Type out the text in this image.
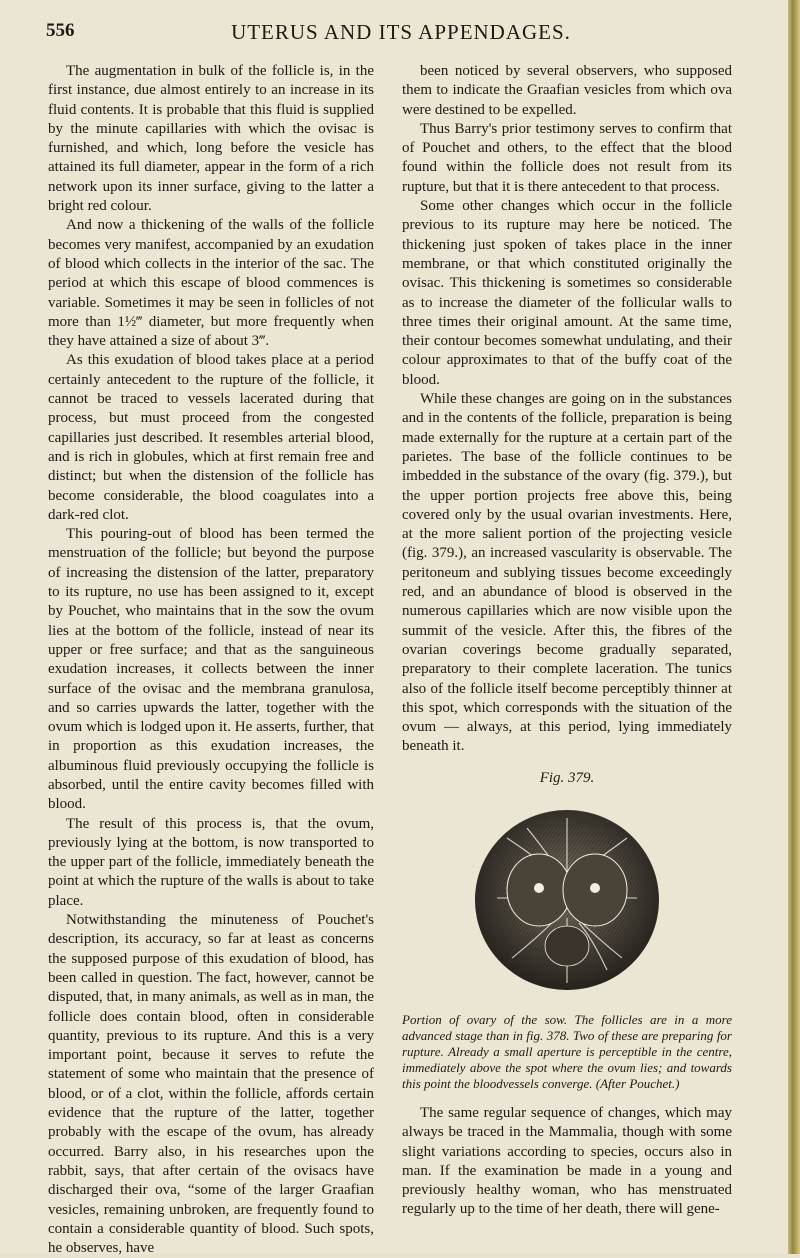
556	UTERUS AND ITS APPENDAGES.

The augmentation in bulk of the follicle is, in the first instance, due almost entirely to an increase in its fluid contents. It is probable that this fluid is supplied by the minute capillaries with which the ovisac is furnished, and which, long before the vesicle has attained its full diameter, appear in the form of a rich network upon its inner surface, giving to the latter a bright red colour.

And now a thickening of the walls of the follicle becomes very manifest, accompanied by an exudation of blood which collects in the interior of the sac. The period at which this escape of blood commences is variable. Sometimes it may be seen in follicles of not more than 1½‴ diameter, but more frequently when they have attained a size of about 3‴.

As this exudation of blood takes place at a period certainly antecedent to the rupture of the follicle, it cannot be traced to vessels lacerated during that process, but must proceed from the congested capillaries just described. It resembles arterial blood, and is rich in globules, which at first remain free and distinct; but when the distension of the follicle has become considerable, the blood coagulates into a dark-red clot.

This pouring-out of blood has been termed the menstruation of the follicle; but beyond the purpose of increasing the distension of the latter, preparatory to its rupture, no use has been assigned to it, except by Pouchet, who maintains that in the sow the ovum lies at the bottom of the follicle, instead of near its upper or free surface; and that as the sanguineous exudation increases, it collects between the inner surface of the ovisac and the membrana granulosa, and so carries upwards the latter, together with the ovum which is lodged upon it. He asserts, further, that in proportion as this exudation increases, the albuminous fluid previously occupying the follicle is absorbed, until the entire cavity becomes filled with blood.

The result of this process is, that the ovum, previously lying at the bottom, is now transported to the upper part of the follicle, immediately beneath the point at which the rupture of the walls is about to take place.

Notwithstanding the minuteness of Pouchet's description, its accuracy, so far at least as concerns the supposed purpose of this exudation of blood, has been called in question. The fact, however, cannot be disputed, that, in many animals, as well as in man, the follicle does contain blood, often in considerable quantity, previous to its rupture. And this is a very important point, because it serves to refute the statement of some who maintain that the presence of blood, or of a clot, within the follicle, affords certain evidence that the rupture of the latter, together probably with the escape of the ovum, has already occurred. Barry also, in his researches upon the rabbit, says, that after certain of the ovisacs have discharged their ova, “some of the larger Graafian vesicles, remaining unbroken, are frequently found to contain a considerable quantity of blood. Such spots, he observes, have

been noticed by several observers, who supposed them to indicate the Graafian vesicles from which ova were destined to be expelled.

Thus Barry's prior testimony serves to confirm that of Pouchet and others, to the effect that the blood found within the follicle does not result from its rupture, but that it is there antecedent to that process.

Some other changes which occur in the follicle previous to its rupture may here be noticed. The thickening just spoken of takes place in the inner membrane, or that which constituted originally the ovisac. This thickening is sometimes so considerable as to increase the diameter of the follicular walls to three times their original amount. At the same time, their contour becomes somewhat undulating, and their colour approximates to that of the buffy coat of the blood.

While these changes are going on in the substances and in the contents of the follicle, preparation is being made externally for the rupture at a certain part of the parietes. The base of the follicle continues to be imbedded in the substance of the ovary (fig. 379.), but the upper portion projects free above this, being covered only by the usual ovarian investments. Here, at the more salient portion of the projecting vesicle (fig. 379.), an increased vascularity is observable. The peritoneum and sublying tissues become exceedingly red, and an abundance of blood is observed in the numerous capillaries which are now visible upon the summit of the vesicle. After this, the fibres of the ovarian coverings become gradually separated, preparatory to their complete laceration. The tunics also of the follicle itself become perceptibly thinner at this spot, which corresponds with the situation of the ovum — always, at this period, lying immediately beneath it.

Fig. 379.
Portion of ovary of the sow. The follicles are in a more advanced stage than in fig. 378. Two of these are preparing for rupture. Already a small aperture is perceptible in the centre, immediately above the spot where the ovum lies; and towards this point the bloodvessels converge. (After Pouchet.)

The same regular sequence of changes, which may always be traced in the Mammalia, though with some slight variations according to species, occurs also in man. If the examination be made in a young and previously healthy woman, who has menstruated regularly up to the time of her death, there will gene-
